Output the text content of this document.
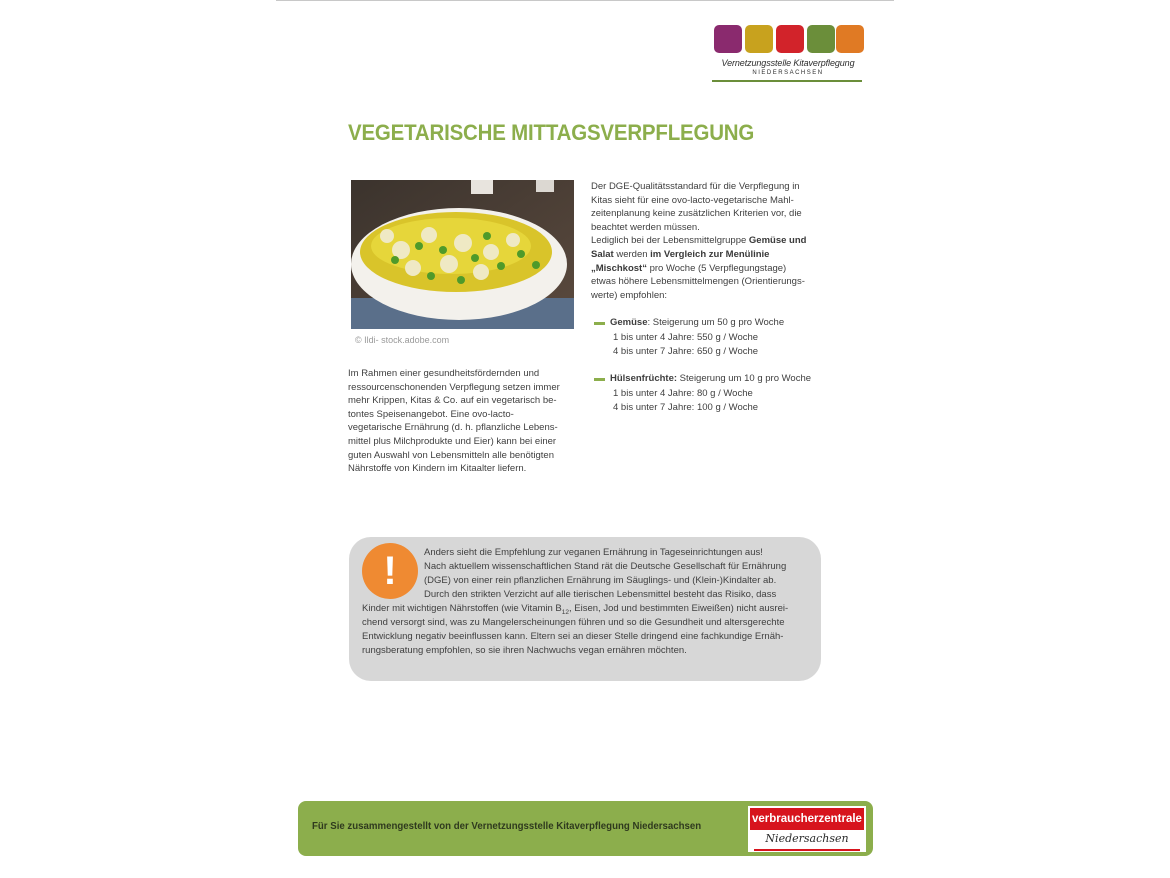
Vernetzungsstelle Kitaverpflegung
NIEDERSACHSEN
VEGETARISCHE MITTAGSVERPFLEGUNG
© Ildi- stock.adobe.com
Im Rahmen einer gesundheitsfördernden und
ressourcenschonenden Verpflegung setzen immer
mehr Krippen, Kitas & Co. auf ein vegetarisch be-
tontes Speisenangebot. Eine ovo-lacto-
vegetarische Ernährung (d. h. pflanzliche Lebens-
mittel plus Milchprodukte und Eier) kann bei einer
guten Auswahl von Lebensmitteln alle benötigten
Nährstoffe von Kindern im Kitaalter liefern.
Der DGE-Qualitätsstandard für die Verpflegung in
Kitas sieht für eine ovo-lacto-vegetarische Mahl-
zeitenplanung keine zusätzlichen Kriterien vor, die
beachtet werden müssen.
Lediglich bei der Lebensmittelgruppe Gemüse und
Salat werden im Vergleich zur Menülinie
„Mischkost“ pro Woche (5 Verpflegungstage)
etwas höhere Lebensmittelmengen (Orientierungs-
werte) empfohlen:
Gemüse: Steigerung um 50 g pro Woche
1 bis unter 4 Jahre: 550 g / Woche
4 bis unter 7 Jahre: 650 g / Woche
Hülsenfrüchte: Steigerung um 10 g pro Woche
1 bis unter 4 Jahre: 80 g / Woche
4 bis unter 7 Jahre: 100 g / Woche
!	Anders sieht die Empfehlung zur veganen Ernährung in Tageseinrichtungen aus!
Nach aktuellem wissenschaftlichen Stand rät die Deutsche Gesellschaft für Ernährung
(DGE) von einer rein pflanzlichen Ernährung im Säuglings- und (Klein-)Kindalter ab.
Durch den strikten Verzicht auf alle tierischen Lebensmittel besteht das Risiko, dass
Kinder mit wichtigen Nährstoffen (wie Vitamin $B_{12}$, Eisen, Jod und bestimmten Eiweißen) nicht ausrei-
chend versorgt sind, was zu Mangelerscheinungen führen und so die Gesundheit und altersgerechte
Entwicklung negativ beeinflussen kann. Eltern sei an dieser Stelle dringend eine fachkundige Ernäh-
rungsberatung empfohlen, so sie ihren Nachwuchs vegan ernähren möchten.
Für Sie zusammengestellt von der Vernetzungsstelle Kitaverpflegung Niedersachsen
verbraucherzentrale
Niedersachsen
